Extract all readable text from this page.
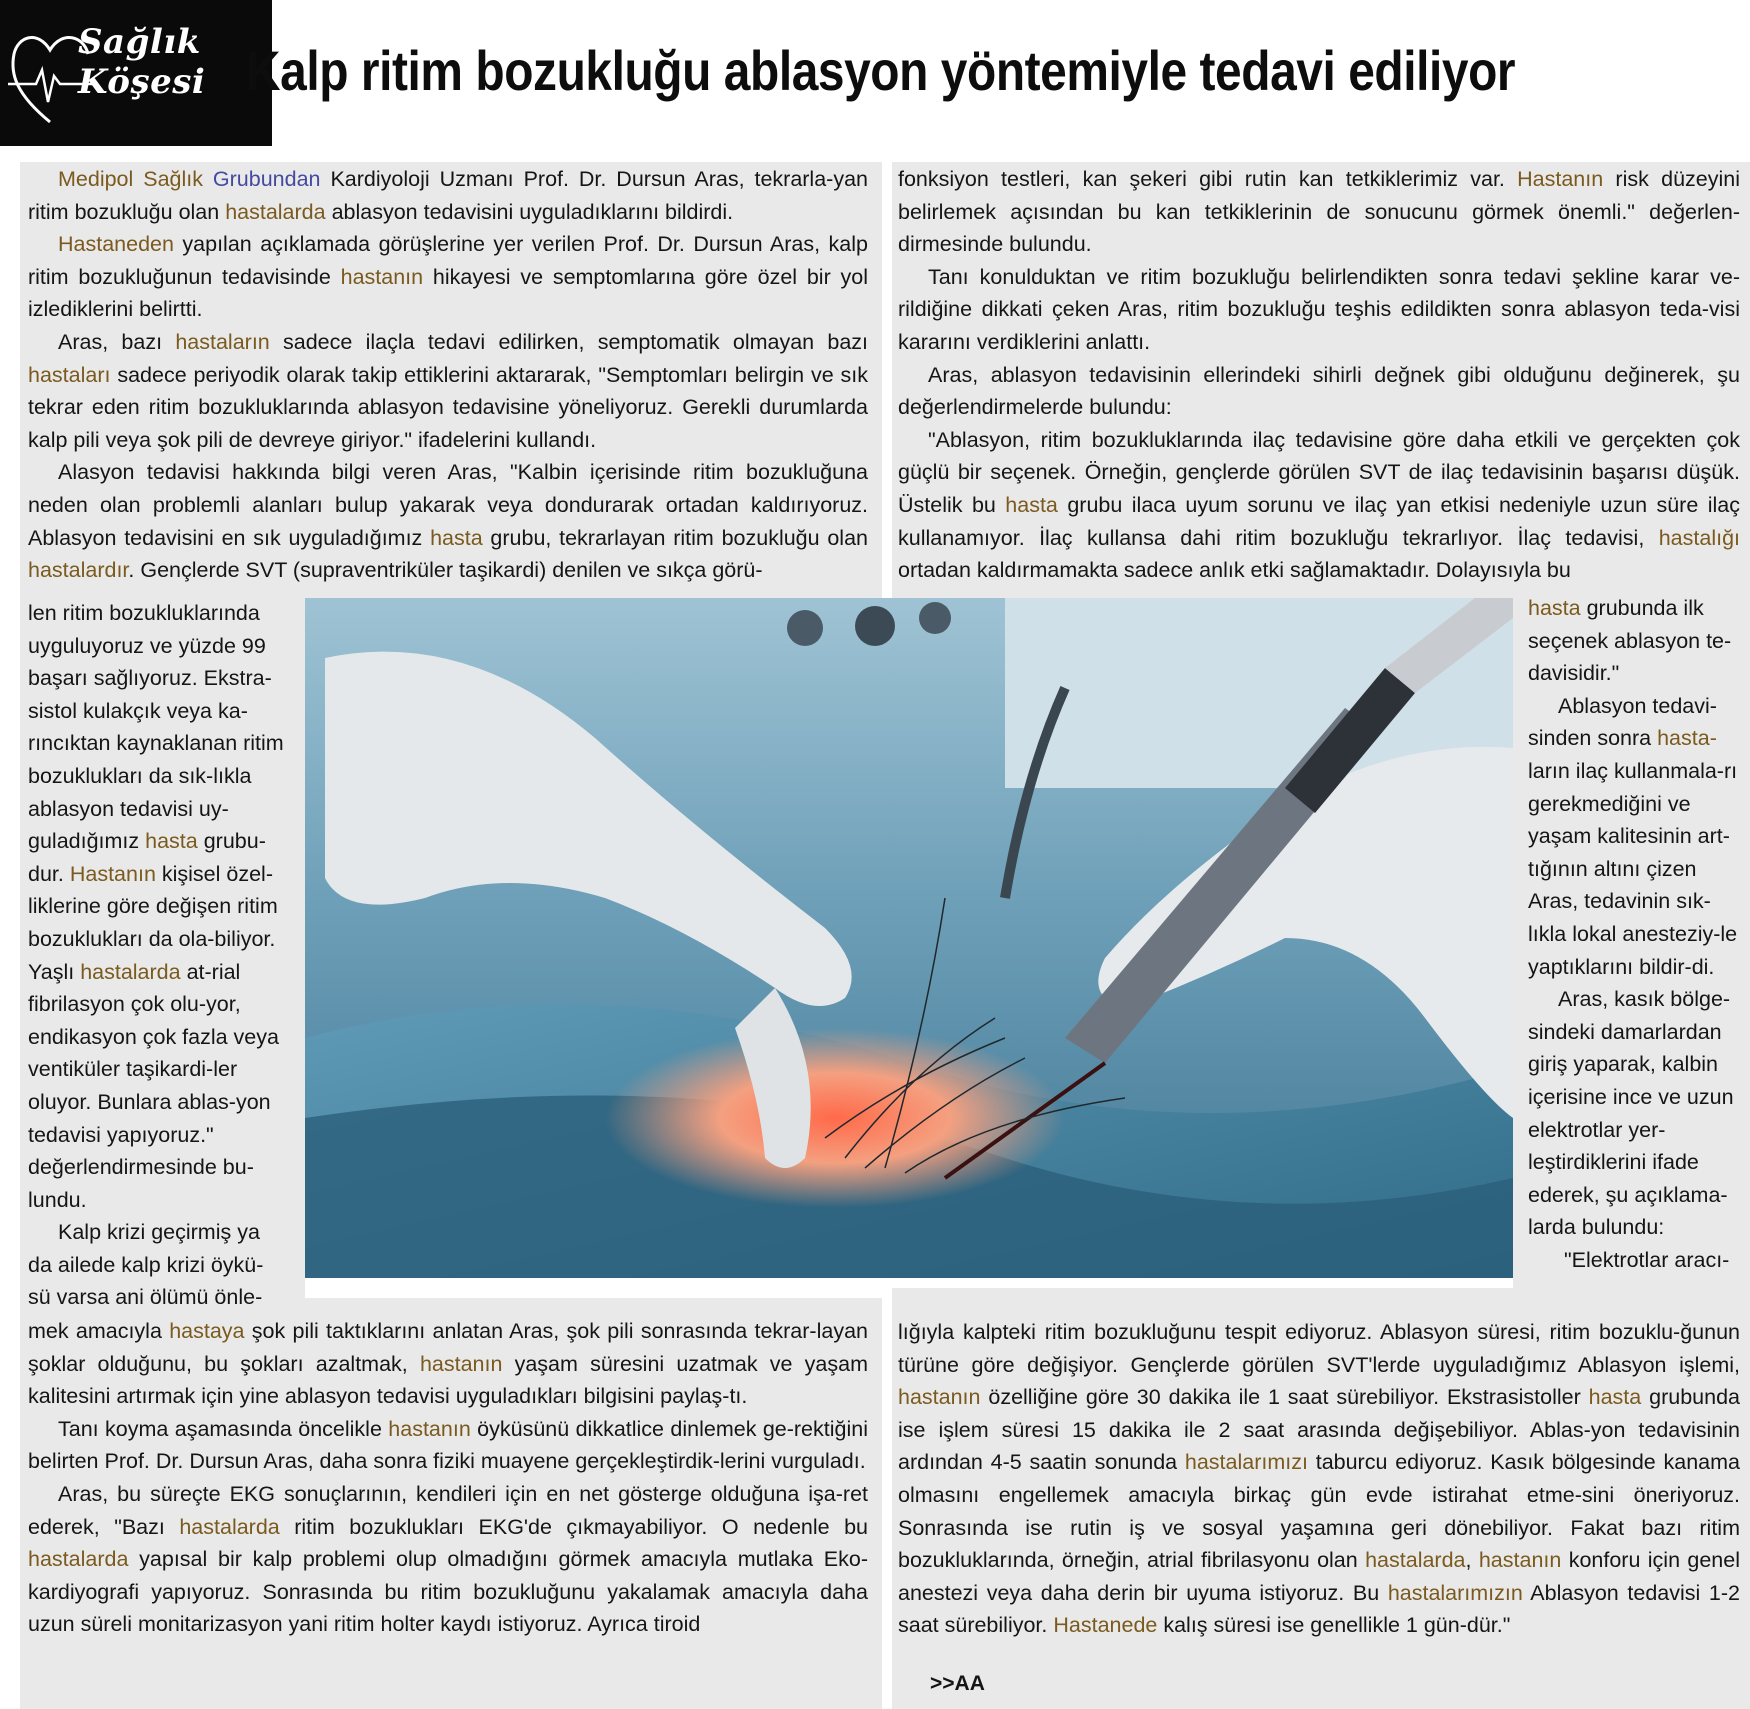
Sağlık Köşesi Kalp ritim bozukluğu ablasyon yöntemiyle tedavi ediliyor

Medipol Sağlık Grubundan Kardiyoloji Uzmanı Prof. Dr. Dursun Aras, tekrarla-yan ritim bozukluğu olan hastalarda ablasyon tedavisini uyguladıklarını bildirdi.

Hastaneden yapılan açıklamada görüşlerine yer verilen Prof. Dr. Dursun Aras, kalp ritim bozukluğunun tedavisinde hastanın hikayesi ve semptomlarına göre özel bir yol izlediklerini belirtti.

Aras, bazı hastaların sadece ilaçla tedavi edilirken, semptomatik olmayan bazı hastaları sadece periyodik olarak takip ettiklerini aktararak, "Semptomları belirgin ve sık tekrar eden ritim bozukluklarında ablasyon tedavisine yöneliyoruz. Gerekli durumlarda kalp pili veya şok pili de devreye giriyor." ifadelerini kullandı.

Alasyon tedavisi hakkında bilgi veren Aras, "Kalbin içerisinde ritim bozukluğuna neden olan problemli alanları bulup yakarak veya dondurarak ortadan kaldırıyoruz. Ablasyon tedavisini en sık uyguladığımız hasta grubu, tekrarlayan ritim bozukluğu olan hastalardır. Gençlerde SVT (supraventriküler taşikardi) denilen ve sıkça görü-

len ritim bozukluklarında uyguluyoruz ve yüzde 99 başarı sağlıyoruz. Ekstra-sistol kulakçık veya ka-rıncıktan kaynaklanan ritim bozuklukları da sık-lıkla ablasyon tedavisi uy-guladığımız hasta grubu-dur. Hastanın kişisel özel-liklerine göre değişen ritim bozuklukları da ola-biliyor. Yaşlı hastalarda at-rial fibrilasyon çok olu-yor, endikasyon çok fazla veya ventiküler taşikardi-ler oluyor. Bunlara ablas-yon tedavisi yapıyoruz." değerlendirmesinde bu-lundu.

Kalp krizi geçirmiş ya da ailede kalp krizi öykü-sü varsa ani ölümü önle-

mek amacıyla hastaya şok pili taktıklarını anlatan Aras, şok pili sonrasında tekrar-layan şoklar olduğunu, bu şokları azaltmak, hastanın yaşam süresini uzatmak ve yaşam kalitesini artırmak için yine ablasyon tedavisi uyguladıkları bilgisini paylaş-tı.

Tanı koyma aşamasında öncelikle hastanın öyküsünü dikkatlice dinlemek ge-rektiğini belirten Prof. Dr. Dursun Aras, daha sonra fiziki muayene gerçekleştirdik-lerini vurguladı.

Aras, bu süreçte EKG sonuçlarının, kendileri için en net gösterge olduğuna işa-ret ederek, "Bazı hastalarda ritim bozuklukları EKG'de çıkmayabiliyor. O nedenle bu hastalarda yapısal bir kalp problemi olup olmadığını görmek amacıyla mutlaka Eko-kardiyografi yapıyoruz. Sonrasında bu ritim bozukluğunu yakalamak amacıyla daha uzun süreli monitarizasyon yani ritim holter kaydı istiyoruz. Ayrıca tiroid

fonksiyon testleri, kan şekeri gibi rutin kan tetkiklerimiz var. Hastanın risk düzeyini belirlemek açısından bu kan tetkiklerinin de sonucunu görmek önemli." değerlen-dirmesinde bulundu.

Tanı konulduktan ve ritim bozukluğu belirlendikten sonra tedavi şekline karar ve-rildiğine dikkati çeken Aras, ritim bozukluğu teşhis edildikten sonra ablasyon teda-visi kararını verdiklerini anlattı.

Aras, ablasyon tedavisinin ellerindeki sihirli değnek gibi olduğunu değinerek, şu değerlendirmelerde bulundu:

"Ablasyon, ritim bozukluklarında ilaç tedavisine göre daha etkili ve gerçekten çok güçlü bir seçenek. Örneğin, gençlerde görülen SVT de ilaç tedavisinin başarısı düşük. Üstelik bu hasta grubu ilaca uyum sorunu ve ilaç yan etkisi nedeniyle uzun süre ilaç kullanamıyor. İlaç kullansa dahi ritim bozukluğu tekrarlıyor. İlaç tedavisi, hastalığı ortadan kaldırmamakta sadece anlık etki sağlamaktadır. Dolayısıyla bu

hasta grubunda ilk seçenek ablasyon te-davisidir."

Ablasyon tedavi-sinden sonra hasta-ların ilaç kullanmala-rı gerekmediğini ve yaşam kalitesinin art-tığının altını çizen Aras, tedavinin sık-lıkla lokal anesteziy-le yaptıklarını bildir-di.

Aras, kasık bölge-sindeki damarlardan giriş yaparak, kalbin içerisine ince ve uzun elektrotlar yer-leştirdiklerini ifade ederek, şu açıklama-larda bulundu:

"Elektrotlar aracı-

lığıyla kalpteki ritim bozukluğunu tespit ediyoruz. Ablasyon süresi, ritim bozuklu-ğunun türüne göre değişiyor. Gençlerde görülen SVT'lerde uyguladığımız Ablasyon işlemi, hastanın özelliğine göre 30 dakika ile 1 saat sürebiliyor. Ekstrasistoller hasta grubunda ise işlem süresi 15 dakika ile 2 saat arasında değişebiliyor. Ablas-yon tedavisinin ardından 4-5 saatin sonunda hastalarımızı taburcu ediyoruz. Kasık bölgesinde kanama olmasını engellemek amacıyla birkaç gün evde istirahat etme-sini öneriyoruz. Sonrasında ise rutin iş ve sosyal yaşamına geri dönebiliyor. Fakat bazı ritim bozukluklarında, örneğin, atrial fibrilasyonu olan hastalarda, hastanın konforu için genel anestezi veya daha derin bir uyuma istiyoruz. Bu hastalarımızın Ablasyon tedavisi 1-2 saat sürebiliyor. Hastanede kalış süresi ise genellikle 1 gün-dür."

>>AA
